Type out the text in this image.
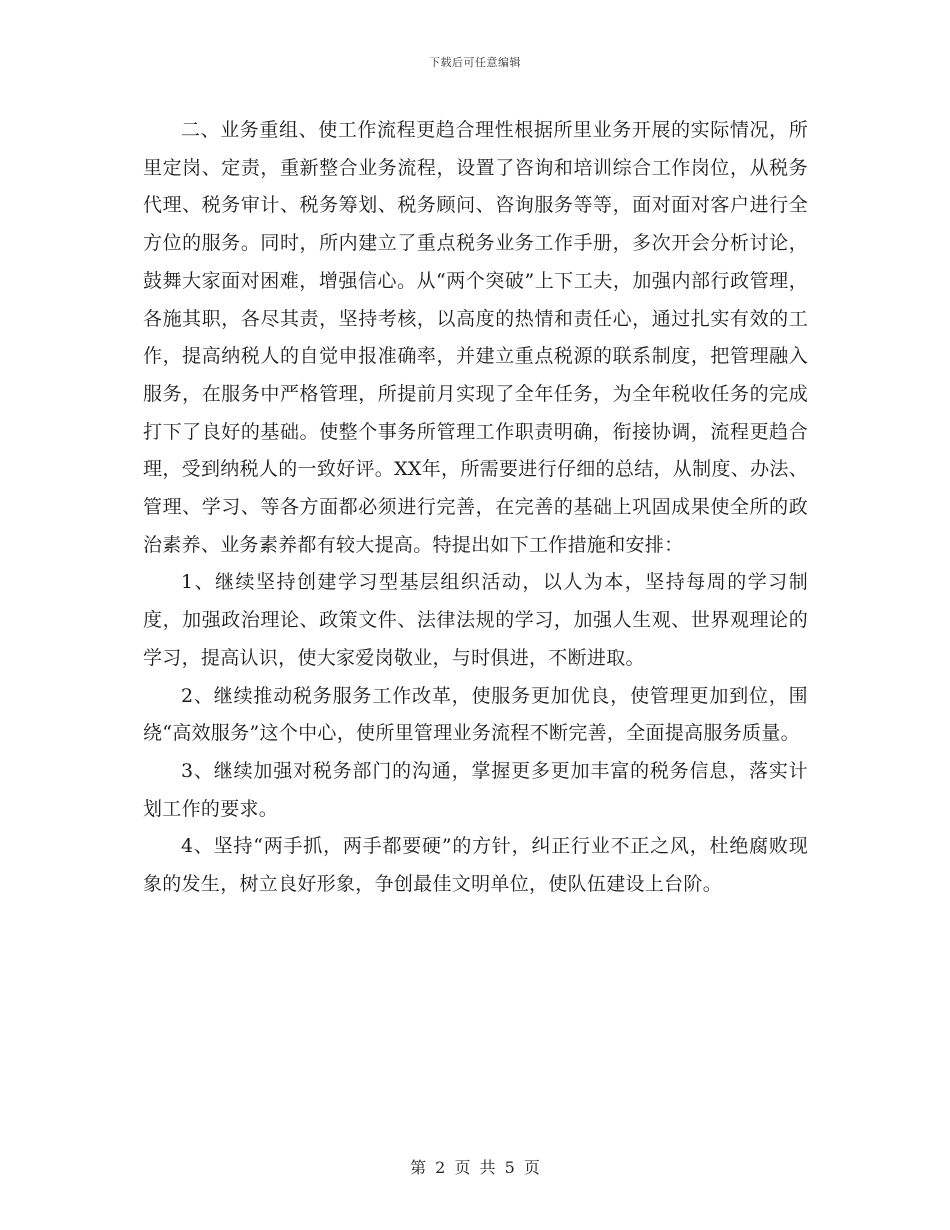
下载后可任意编辑

二、业务重组、使工作流程更趋合理性根据所里业务开展的实际情况，所里定岗、定责，重新整合业务流程，设置了咨询和培训综合工作岗位，从税务代理、税务审计、税务筹划、税务顾问、咨询服务等等，面对面对客户进行全方位的服务。同时，所内建立了重点税务业务工作手册，多次开会分析讨论，鼓舞大家面对困难，增强信心。从“两个突破”上下工夫，加强内部行政管理，各施其职，各尽其责，坚持考核，以高度的热情和责任心，通过扎实有效的工作，提高纳税人的自觉申报准确率，并建立重点税源的联系制度，把管理融入服务，在服务中严格管理，所提前月实现了全年任务，为全年税收任务的完成打下了良好的基础。使整个事务所管理工作职责明确，衔接协调，流程更趋合理，受到纳税人的一致好评。XX年，所需要进行仔细的总结，从制度、办法、管理、学习、等各方面都必须进行完善，在完善的基础上巩固成果使全所的政治素养、业务素养都有较大提高。特提出如下工作措施和安排：

1、继续坚持创建学习型基层组织活动，以人为本，坚持每周的学习制度，加强政治理论、政策文件、法律法规的学习，加强人生观、世界观理论的学习，提高认识，使大家爱岗敬业，与时俱进，不断进取。

2、继续推动税务服务工作改革，使服务更加优良，使管理更加到位，围绕“高效服务”这个中心，使所里管理业务流程不断完善，全面提高服务质量。

3、继续加强对税务部门的沟通，掌握更多更加丰富的税务信息，落实计划工作的要求。

4、坚持“两手抓，两手都要硬”的方针，纠正行业不正之风，杜绝腐败现象的发生，树立良好形象，争创最佳文明单位，使队伍建设上台阶。

第 2 页 共 5 页
